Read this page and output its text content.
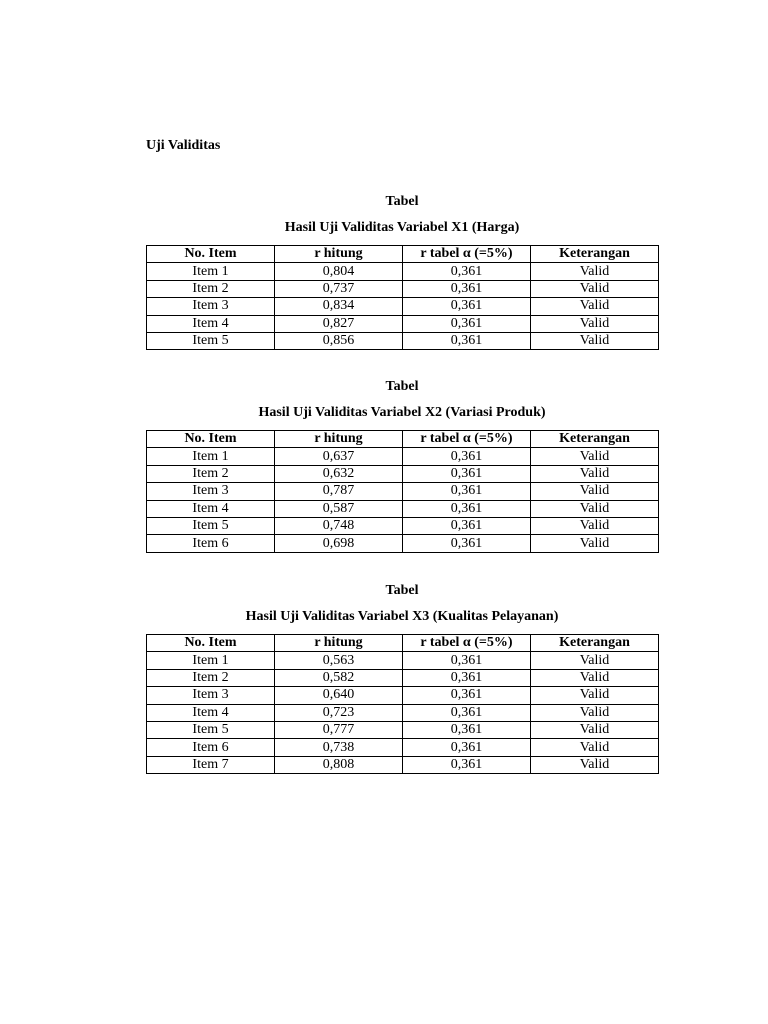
Uji Validitas
Tabel
Hasil Uji Validitas Variabel X1 (Harga)
No. Item	r hitung	r tabel α (=5%)	Keterangan
Item 1	0,804	0,361	Valid
Item 2	0,737	0,361	Valid
Item 3	0,834	0,361	Valid
Item 4	0,827	0,361	Valid
Item 5	0,856	0,361	Valid
Tabel
Hasil Uji Validitas Variabel X2 (Variasi Produk)
No. Item	r hitung	r tabel α (=5%)	Keterangan
Item 1	0,637	0,361	Valid
Item 2	0,632	0,361	Valid
Item 3	0,787	0,361	Valid
Item 4	0,587	0,361	Valid
Item 5	0,748	0,361	Valid
Item 6	0,698	0,361	Valid
Tabel
Hasil Uji Validitas Variabel X3 (Kualitas Pelayanan)
No. Item	r hitung	r tabel α (=5%)	Keterangan
Item 1	0,563	0,361	Valid
Item 2	0,582	0,361	Valid
Item 3	0,640	0,361	Valid
Item 4	0,723	0,361	Valid
Item 5	0,777	0,361	Valid
Item 6	0,738	0,361	Valid
Item 7	0,808	0,361	Valid
